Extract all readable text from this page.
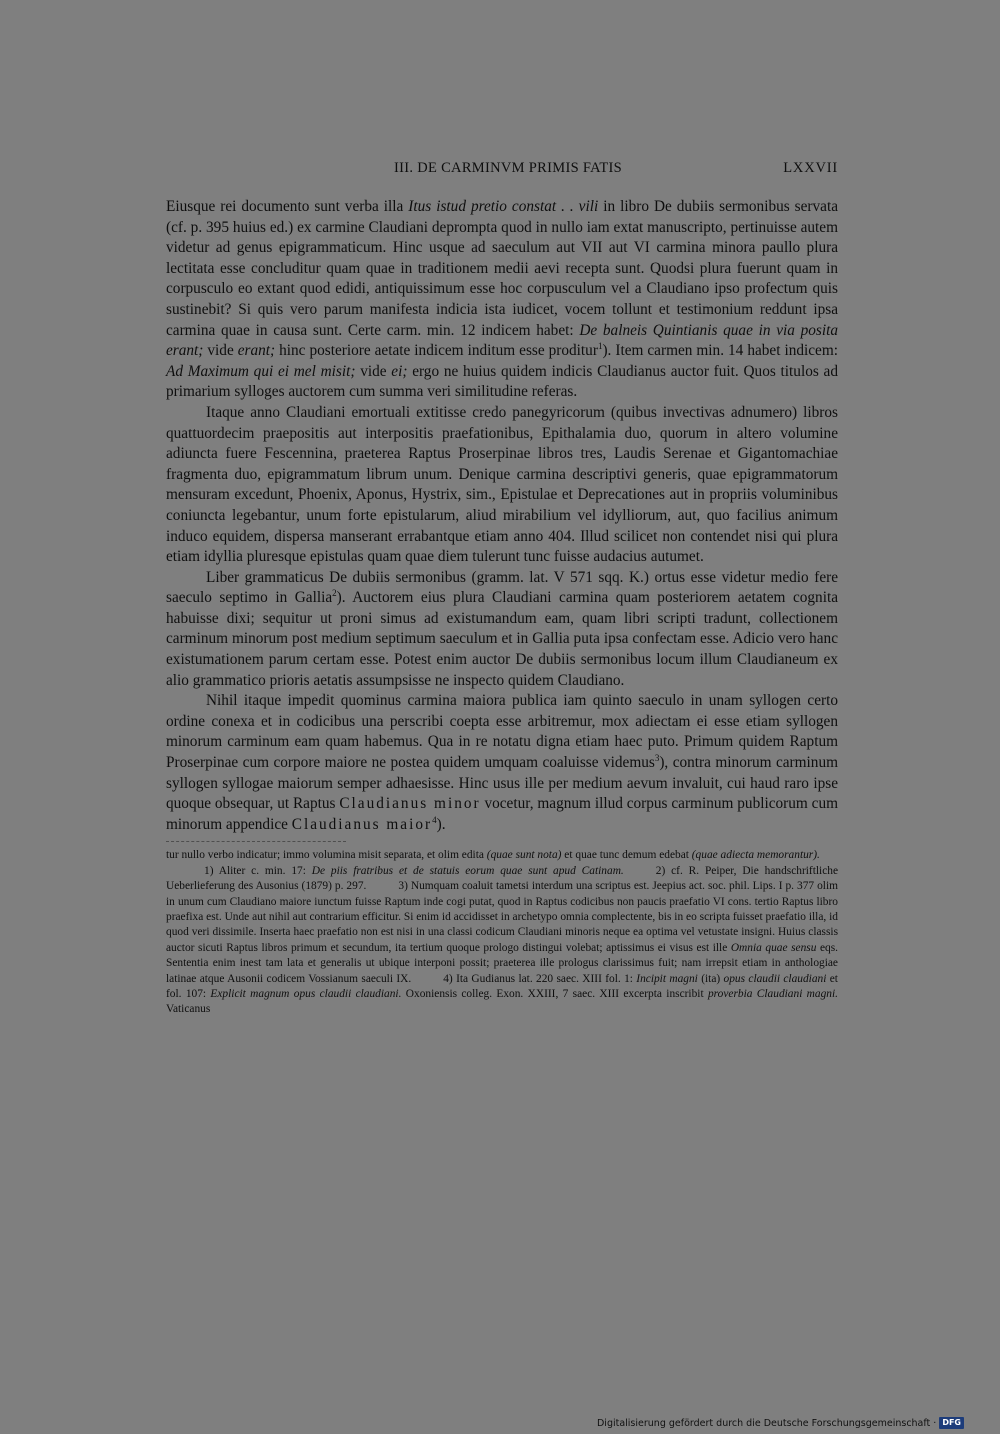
III. DE CARMINVM PRIMIS FATIS	LXXVII

Eiusque rei documento sunt verba illa Itus istud pretio constat . . vili in libro De dubiis sermonibus servata (cf. p. 395 huius ed.) ex carmine Claudiani deprompta quod in nullo iam extat manuscripto, pertinuisse autem videtur ad genus epigrammaticum. Hinc usque ad saeculum aut VII aut VI carmina minora paullo plura lectitata esse concluditur quam quae in traditionem medii aevi recepta sunt. Quodsi plura fuerunt quam in corpusculo eo extant quod edidi, antiquissimum esse hoc corpusculum vel a Claudiano ipso profectum quis sustinebit? Si quis vero parum manifesta indicia ista iudicet, vocem tollunt et testimonium reddunt ipsa carmina quae in causa sunt. Certe carm. min. 12 indicem habet: De balneis Quintianis quae in via posita erant; vide erant; hinc posteriore aetate indicem inditum esse proditur$^1$). Item carmen min. 14 habet indicem: Ad Maximum qui ei mel misit; vide ei; ergo ne huius quidem indicis Claudianus auctor fuit. Quos titulos ad primarium sylloges auctorem cum summa veri similitudine referas.

Itaque anno Claudiani emortuali extitisse credo panegyricorum (quibus invectivas adnumero) libros quattuordecim praepositis aut interpositis praefationibus, Epithalamia duo, quorum in altero volumine adiuncta fuere Fescennina, praeterea Raptus Proserpinae libros tres, Laudis Serenae et Gigantomachiae fragmenta duo, epigrammatum librum unum. Denique carmina descriptivi generis, quae epigrammatorum mensuram excedunt, Phoenix, Aponus, Hystrix, sim., Epistulae et Deprecationes aut in propriis voluminibus coniuncta legebantur, unum forte epistularum, aliud mirabilium vel idylliorum, aut, quo facilius animum induco equidem, dispersa manserant errabantque etiam anno 404. Illud scilicet non contendet nisi qui plura etiam idyllia pluresque epistulas quam quae diem tulerunt tunc fuisse audacius autumet.

Liber grammaticus De dubiis sermonibus (gramm. lat. V 571 sqq. K.) ortus esse videtur medio fere saeculo septimo in Gallia$^2$). Auctorem eius plura Claudiani carmina quam posteriorem aetatem cognita habuisse dixi; sequitur ut proni simus ad existumandum eam, quam libri scripti tradunt, collectionem carminum minorum post medium septimum saeculum et in Gallia puta ipsa confectam esse. Adicio vero hanc existumationem parum certam esse. Potest enim auctor De dubiis sermonibus locum illum Claudianeum ex alio grammatico prioris aetatis assumpsisse ne inspecto quidem Claudiano.

Nihil itaque impedit quominus carmina maiora publica iam quinto saeculo in unam syllogen certo ordine conexa et in codicibus una perscribi coepta esse arbitremur, mox adiectam ei esse etiam syllogen minorum carminum eam quam habemus. Qua in re notatu digna etiam haec puto. Primum quidem Raptum Proserpinae cum corpore maiore ne postea quidem umquam coaluisse videmus$^3$), contra minorum carminum syllogen syllogae maiorum semper adhaesisse. Hinc usus ille per medium aevum invaluit, cui haud raro ipse quoque obsequar, ut Raptus Claudianus minor vocetur, magnum illud corpus carminum publicorum cum minorum appendice Claudianus maior$^4$).

tur nullo verbo indicatur; immo volumina misit separata, et olim edita (quae sunt nota) et quae tunc demum edebat (quae adiecta memorantur).

1) Aliter c. min. 17: De piis fratribus et de statuis eorum quae sunt apud Catinam.	2) cf. R. Peiper, Die handschriftliche Ueberlieferung des Ausonius (1879) p. 297.	3) Numquam coaluit tametsi interdum una scriptus est. Jeepius act. soc. phil. Lips. I p. 377 olim in unum cum Claudiano maiore iunctum fuisse Raptum inde cogi putat, quod in Raptus codicibus non paucis praefatio VI cons. tertio Raptus libro praefixa est. Unde aut nihil aut contrarium efficitur. Si enim id accidisset in archetypo omnia complectente, bis in eo scripta fuisset praefatio illa, id quod veri dissimile. Inserta haec praefatio non est nisi in una classi codicum Claudiani minoris neque ea optima vel vetustate insigni. Huius classis auctor sicuti Raptus libros primum et secundum, ita tertium quoque prologo distingui volebat; aptissimus ei visus est ille Omnia quae sensu eqs. Sententia enim inest tam lata et generalis ut ubique interponi possit; praeterea ille prologus clarissimus fuit; nam irrepsit etiam in anthologiae latinae atque Ausonii codicem Vossianum saeculi IX.	4) Ita Gudianus lat. 220 saec. XIII fol. 1: Incipit magni (ita) opus claudii claudiani et fol. 107: Explicit magnum opus claudii claudiani. Oxoniensis colleg. Exon. XXIII, 7 saec. XIII excerpta inscribit proverbia Claudiani magni. Vaticanus

Digitalisierung gefördert durch die Deutsche Forschungsgemeinschaft · DFG
